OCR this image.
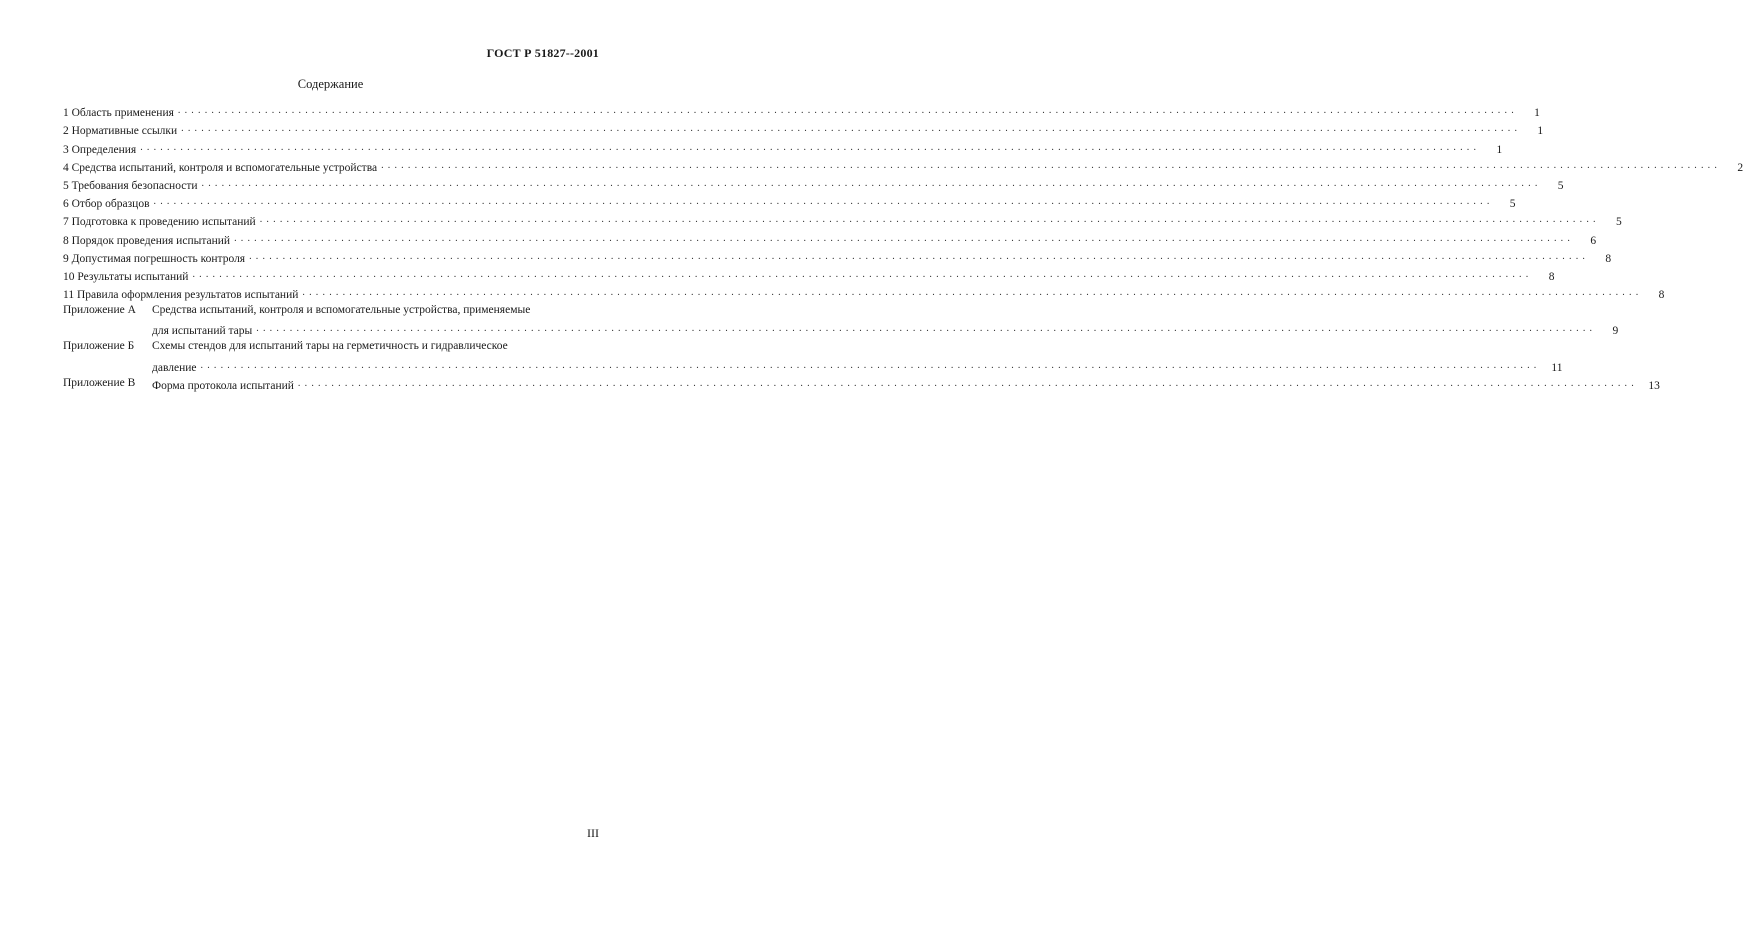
ГОСТ Р 51827--2001
Содержание
1 Область применения ........................................................................................................................................................................................................	1
2 Нормативные ссылки ........................................................................................................................................................................................................	1
3 Определения ........................................................................................................................................................................................................	1
4 Средства испытаний, контроля и вспомогательные устройства ........................................................................................................................................................................................................	2
5 Требования безопасности ........................................................................................................................................................................................................	5
6 Отбор образцов ........................................................................................................................................................................................................	5
7 Подготовка к проведению испытаний ........................................................................................................................................................................................................	5
8 Порядок проведения испытаний ........................................................................................................................................................................................................	6
9 Допустимая погрешность контроля ........................................................................................................................................................................................................	8
10 Результаты испытаний ........................................................................................................................................................................................................	8
11 Правила оформления результатов испытаний ........................................................................................................................................................................................................	8
Приложение А	Средства испытаний, контроля и вспомогательные устройства, применяемые
для испытаний тары ........................................................................................................................................................................................................	9
Приложение Б	Схемы стендов для испытаний тары на герметичность и гидравлическое
давление ........................................................................................................................................................................................................ 11
Приложение В	Форма протокола испытаний ........................................................................................................................................................................................................ 13
III
